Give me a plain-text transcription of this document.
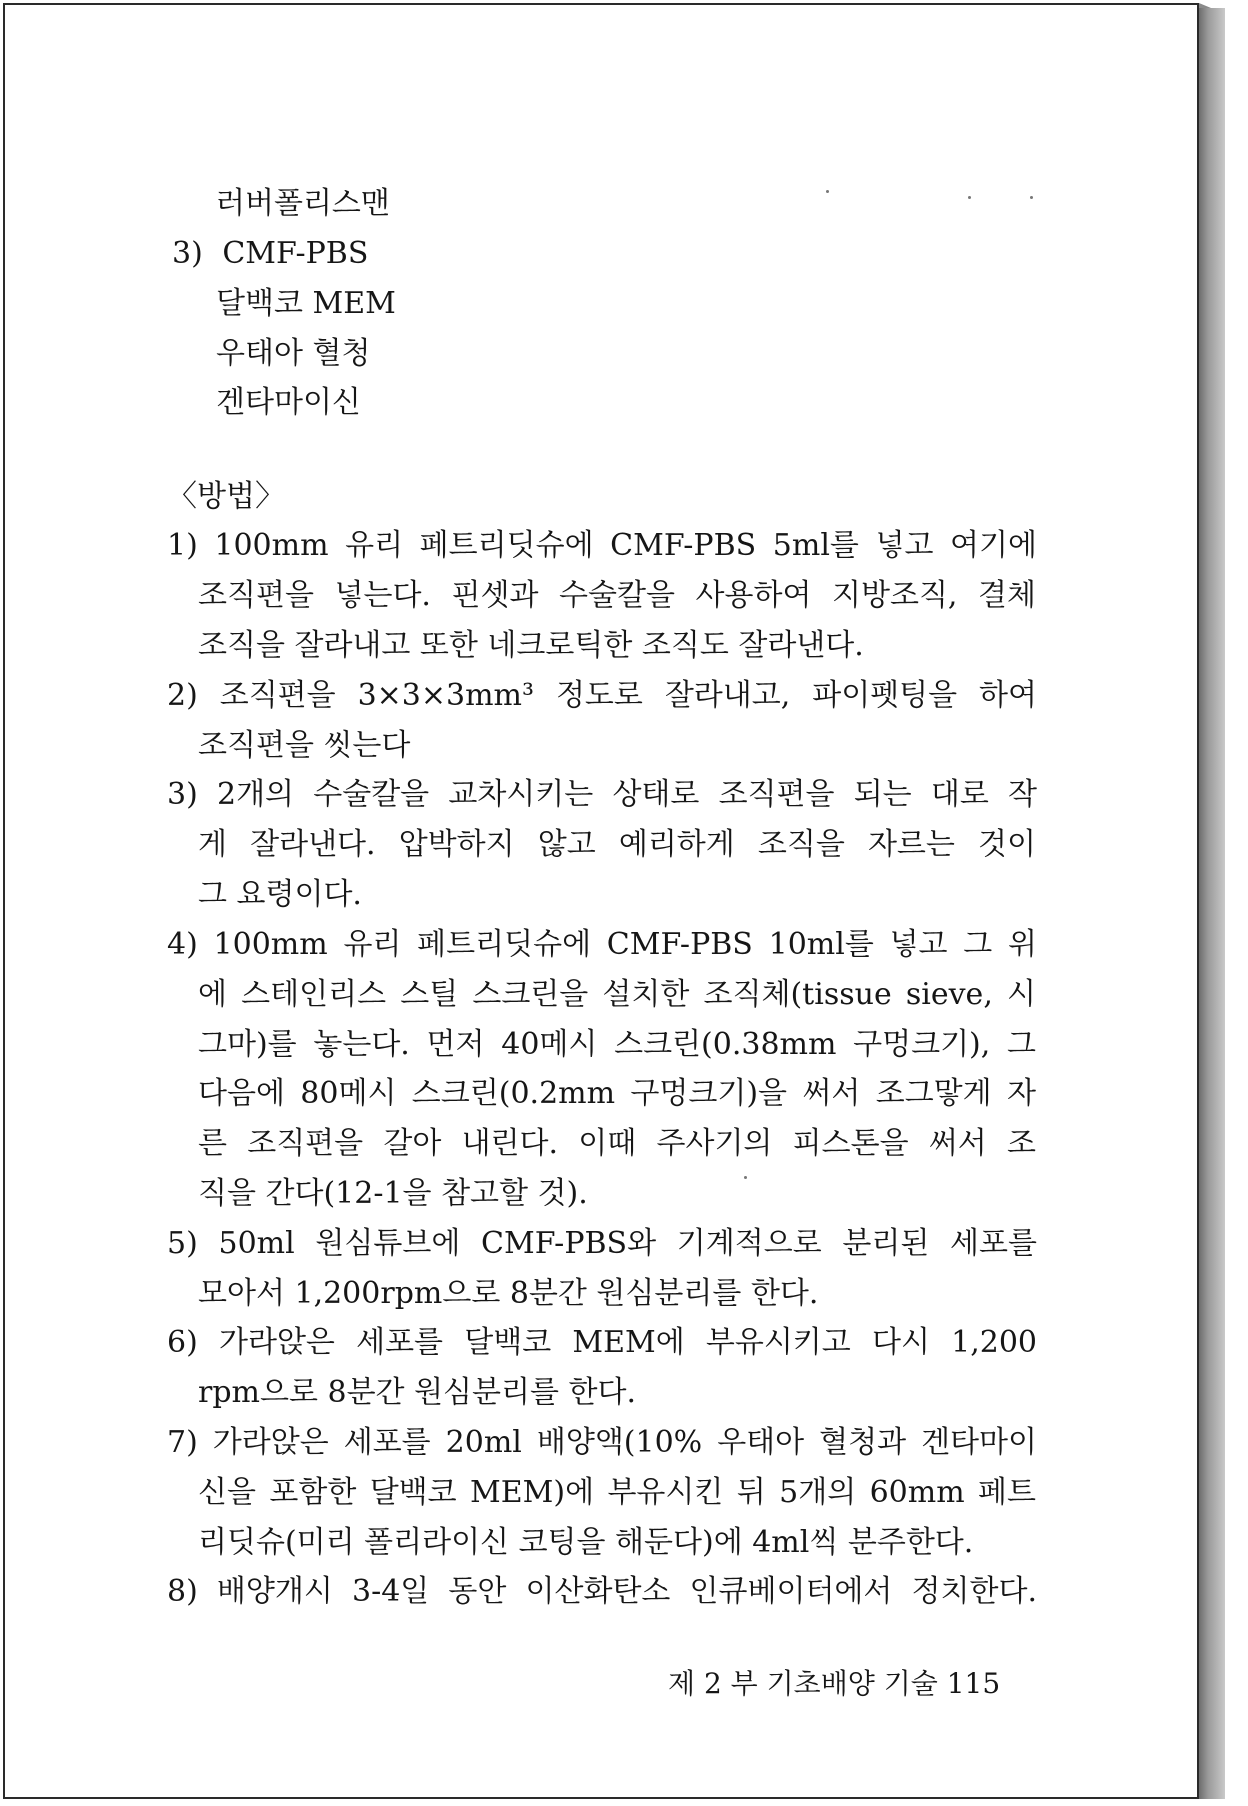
러버폴리스맨
3) CMF-PBS
달백코 MEM
우태아 혈청
겐타마이신
〈방법〉
1) 100mm 유리 페트리딧슈에 CMF-PBS 5ml를 넣고 여기에
조직편을 넣는다. 핀셋과 수술칼을 사용하여 지방조직, 결체
조직을 잘라내고 또한 네크로틱한 조직도 잘라낸다.
2) 조직편을 3×3×3mm³ 정도로 잘라내고, 파이펫팅을 하여
조직편을 씻는다
3) 2개의 수술칼을 교차시키는 상태로 조직편을 되는 대로 작
게 잘라낸다. 압박하지 않고 예리하게 조직을 자르는 것이
그 요령이다.
4) 100mm 유리 페트리딧슈에 CMF-PBS 10ml를 넣고 그 위
에 스테인리스 스틸 스크린을 설치한 조직체(tissue sieve, 시
그마)를 놓는다. 먼저 40메시 스크린(0.38mm 구멍크기), 그
다음에 80메시 스크린(0.2mm 구멍크기)을 써서 조그맣게 자
른 조직편을 갈아 내린다. 이때 주사기의 피스톤을 써서 조
직을 간다(12-1을 참고할 것).
5) 50ml 원심튜브에 CMF-PBS와 기계적으로 분리된 세포를
모아서 1,200rpm으로 8분간 원심분리를 한다.
6) 가라앉은 세포를 달백코 MEM에 부유시키고 다시 1,200
rpm으로 8분간 원심분리를 한다.
7) 가라앉은 세포를 20ml 배양액(10% 우태아 혈청과 겐타마이
신을 포함한 달백코 MEM)에 부유시킨 뒤 5개의 60mm 페트
리딧슈(미리 폴리라이신 코팅을 해둔다)에 4ml씩 분주한다.
8) 배양개시 3-4일 동안 이산화탄소 인큐베이터에서 정치한다.
제 2 부 기초배양 기술 115
